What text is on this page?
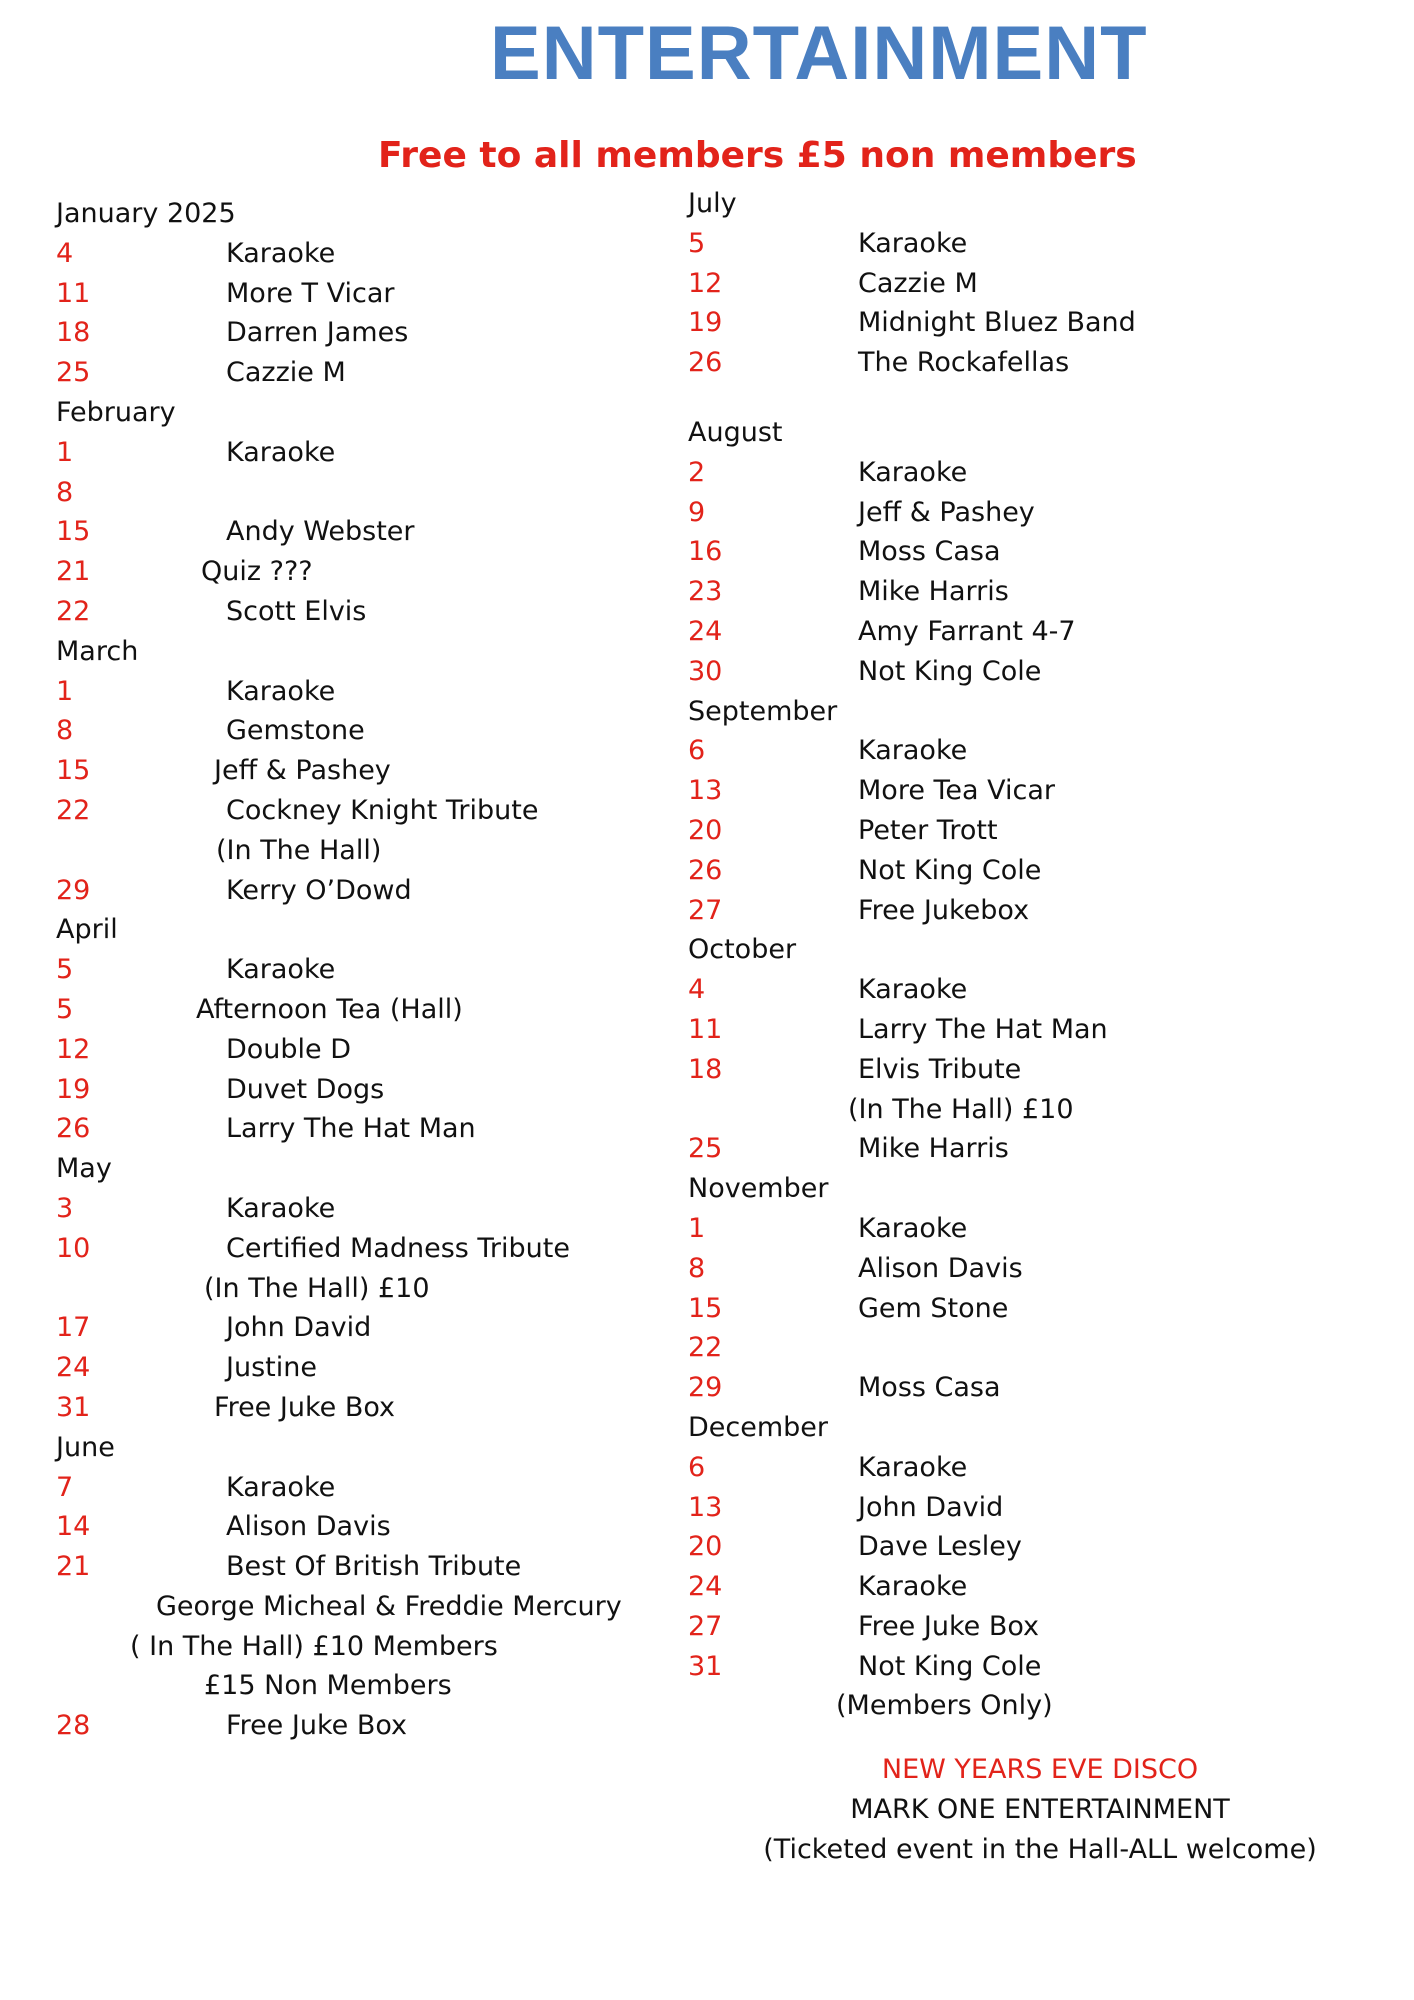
ENTERTAINMENT
Free to all members £5 non members
January 2025
4	Karaoke
11	More T Vicar
18	Darren James
25	Cazzie M
February
1	Karaoke
8
15	Andy Webster
21	Quiz ???
22	Scott Elvis
March
1	Karaoke
8	Gemstone
15	Jeff & Pashey
22	Cockney Knight Tribute
(In The Hall)
29	Kerry O’Dowd
April
5	Karaoke
5	Afternoon Tea (Hall)
12	Double D
19	Duvet Dogs
26	Larry The Hat Man
May
3	Karaoke
10	Certified Madness Tribute
(In The Hall) £10
17	John David
24	Justine
31	Free Juke Box
June
7	Karaoke
14	Alison Davis
21	Best Of British Tribute
George Micheal & Freddie Mercury
( In The Hall) £10 Members
£15 Non Members
28	Free Juke Box
July
5	Karaoke
12	Cazzie M
19	Midnight Bluez Band
26	The Rockafellas
August
2	Karaoke
9	Jeff & Pashey
16	Moss Casa
23	Mike Harris
24	Amy Farrant 4-7
30	Not King Cole
September
6	Karaoke
13	More Tea Vicar
20	Peter Trott
26	Not King Cole
27	Free Jukebox
October
4	Karaoke
11	Larry The Hat Man
18	Elvis Tribute
(In The Hall) £10
25	Mike Harris
November
1	Karaoke
8	Alison Davis
15	Gem Stone
22
29	Moss Casa
December
6	Karaoke
13	John David
20	Dave Lesley
24	Karaoke
27	Free Juke Box
31	Not King Cole
(Members Only)
NEW YEARS EVE DISCO
MARK ONE ENTERTAINMENT
(Ticketed event in the Hall-ALL welcome)
